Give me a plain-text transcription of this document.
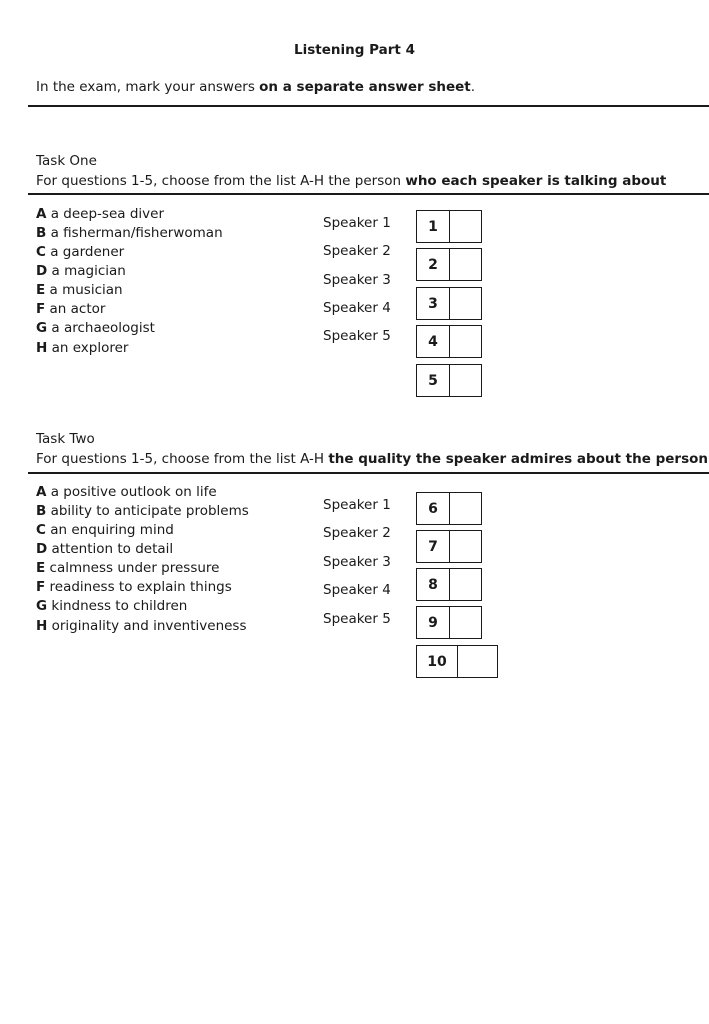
Listening Part 4
In the exam, mark your answers on a separate answer sheet.
Task One
For questions 1-5, choose from the list A-H the person who each speaker is talking about
A a deep-sea diver
B a fisherman/fisherwoman
C a gardener
D a magician
E a musician
F an actor
G a archaeologist
H an explorer
Speaker 1
Speaker 2
Speaker 3
Speaker 4
Speaker 5
1
2
3
4
5
Task Two
For questions 1-5, choose from the list A-H the quality the speaker admires about the person
A a positive outlook on life
B ability to anticipate problems
C an enquiring mind
D attention to detail
E calmness under pressure
F readiness to explain things
G kindness to children
H originality and inventiveness
Speaker 1
Speaker 2
Speaker 3
Speaker 4
Speaker 5
6
7
8
9
10
